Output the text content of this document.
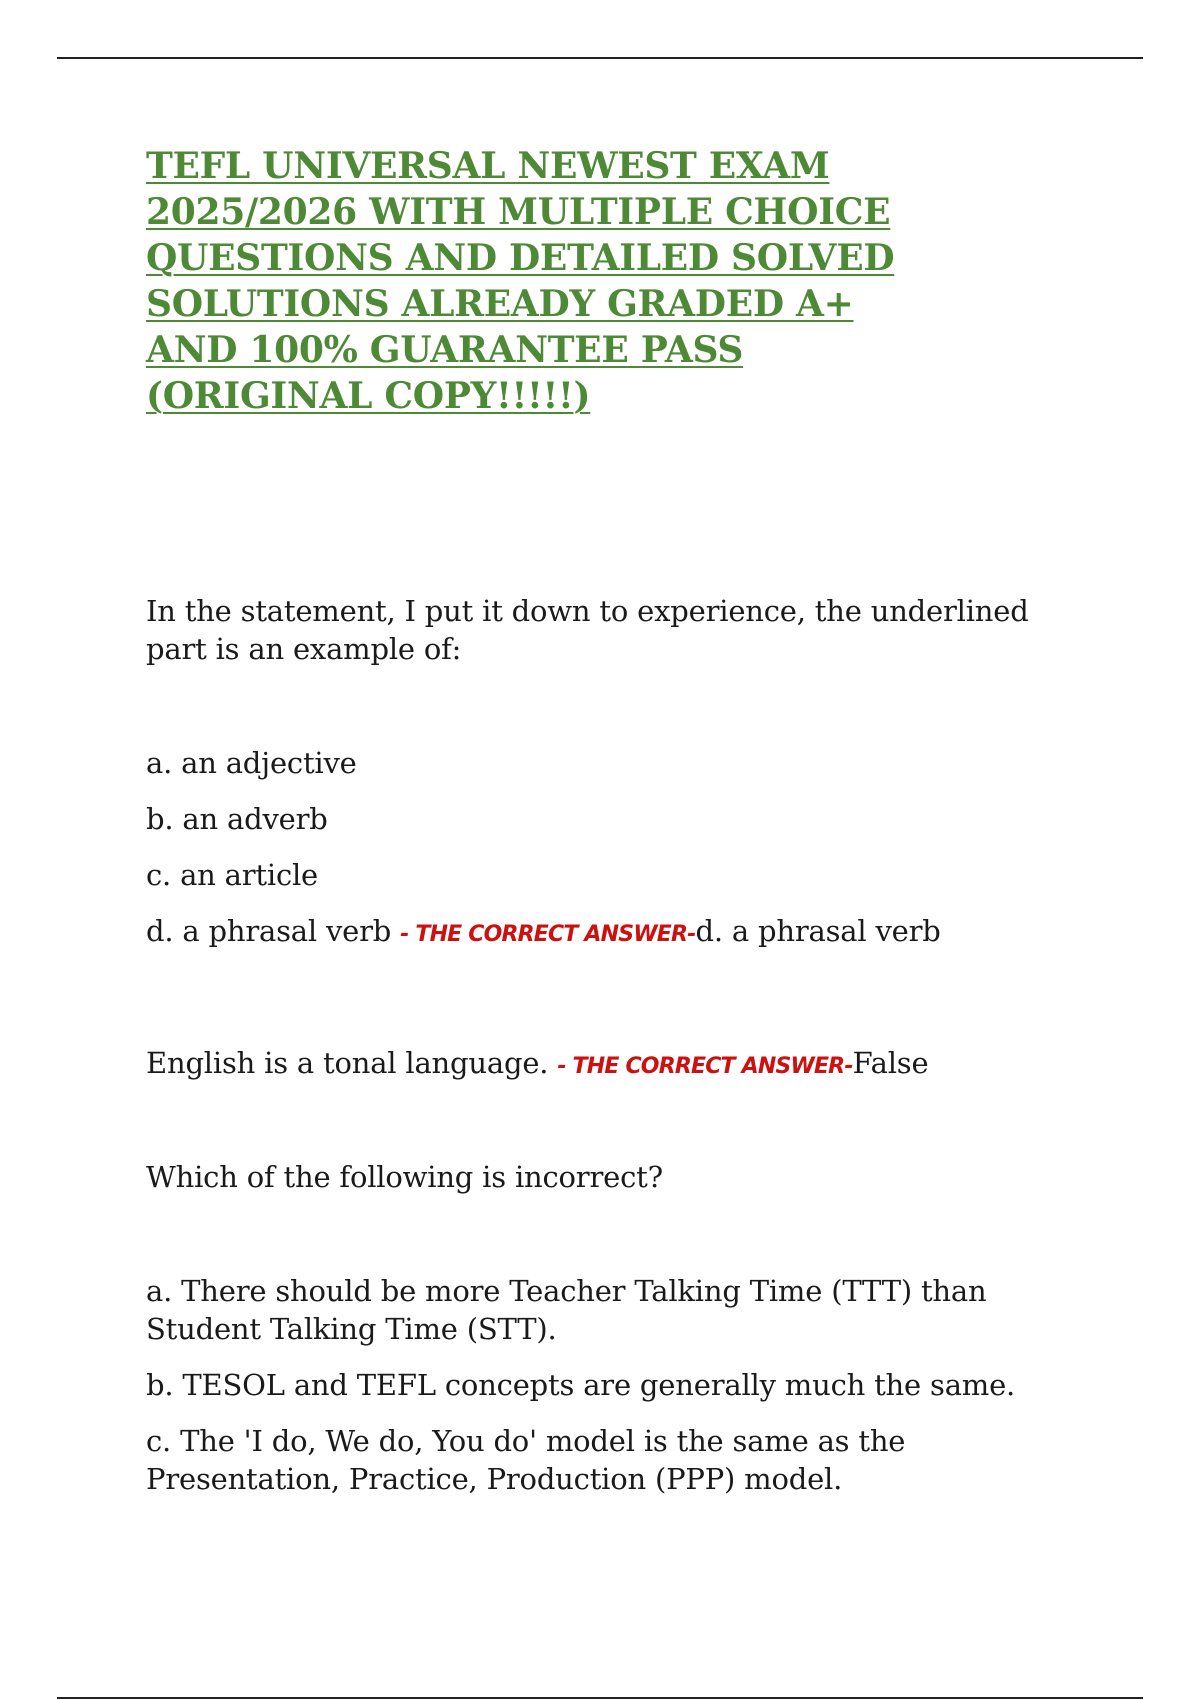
TEFL UNIVERSAL NEWEST EXAM
2025/2026 WITH MULTIPLE CHOICE
QUESTIONS AND DETAILED SOLVED
SOLUTIONS ALREADY GRADED A+
AND 100% GUARANTEE PASS
(ORIGINAL COPY!!!!!)

In the statement, I put it down to experience, the underlined part is an example of:

a. an adjective

b. an adverb

c. an article

d. a phrasal verb - THE CORRECT ANSWER-d. a phrasal verb

English is a tonal language. - THE CORRECT ANSWER-False

Which of the following is incorrect?

a. There should be more Teacher Talking Time (TTT) than Student Talking Time (STT).

b. TESOL and TEFL concepts are generally much the same.

c. The 'I do, We do, You do' model is the same as the Presentation, Practice, Production (PPP) model.
